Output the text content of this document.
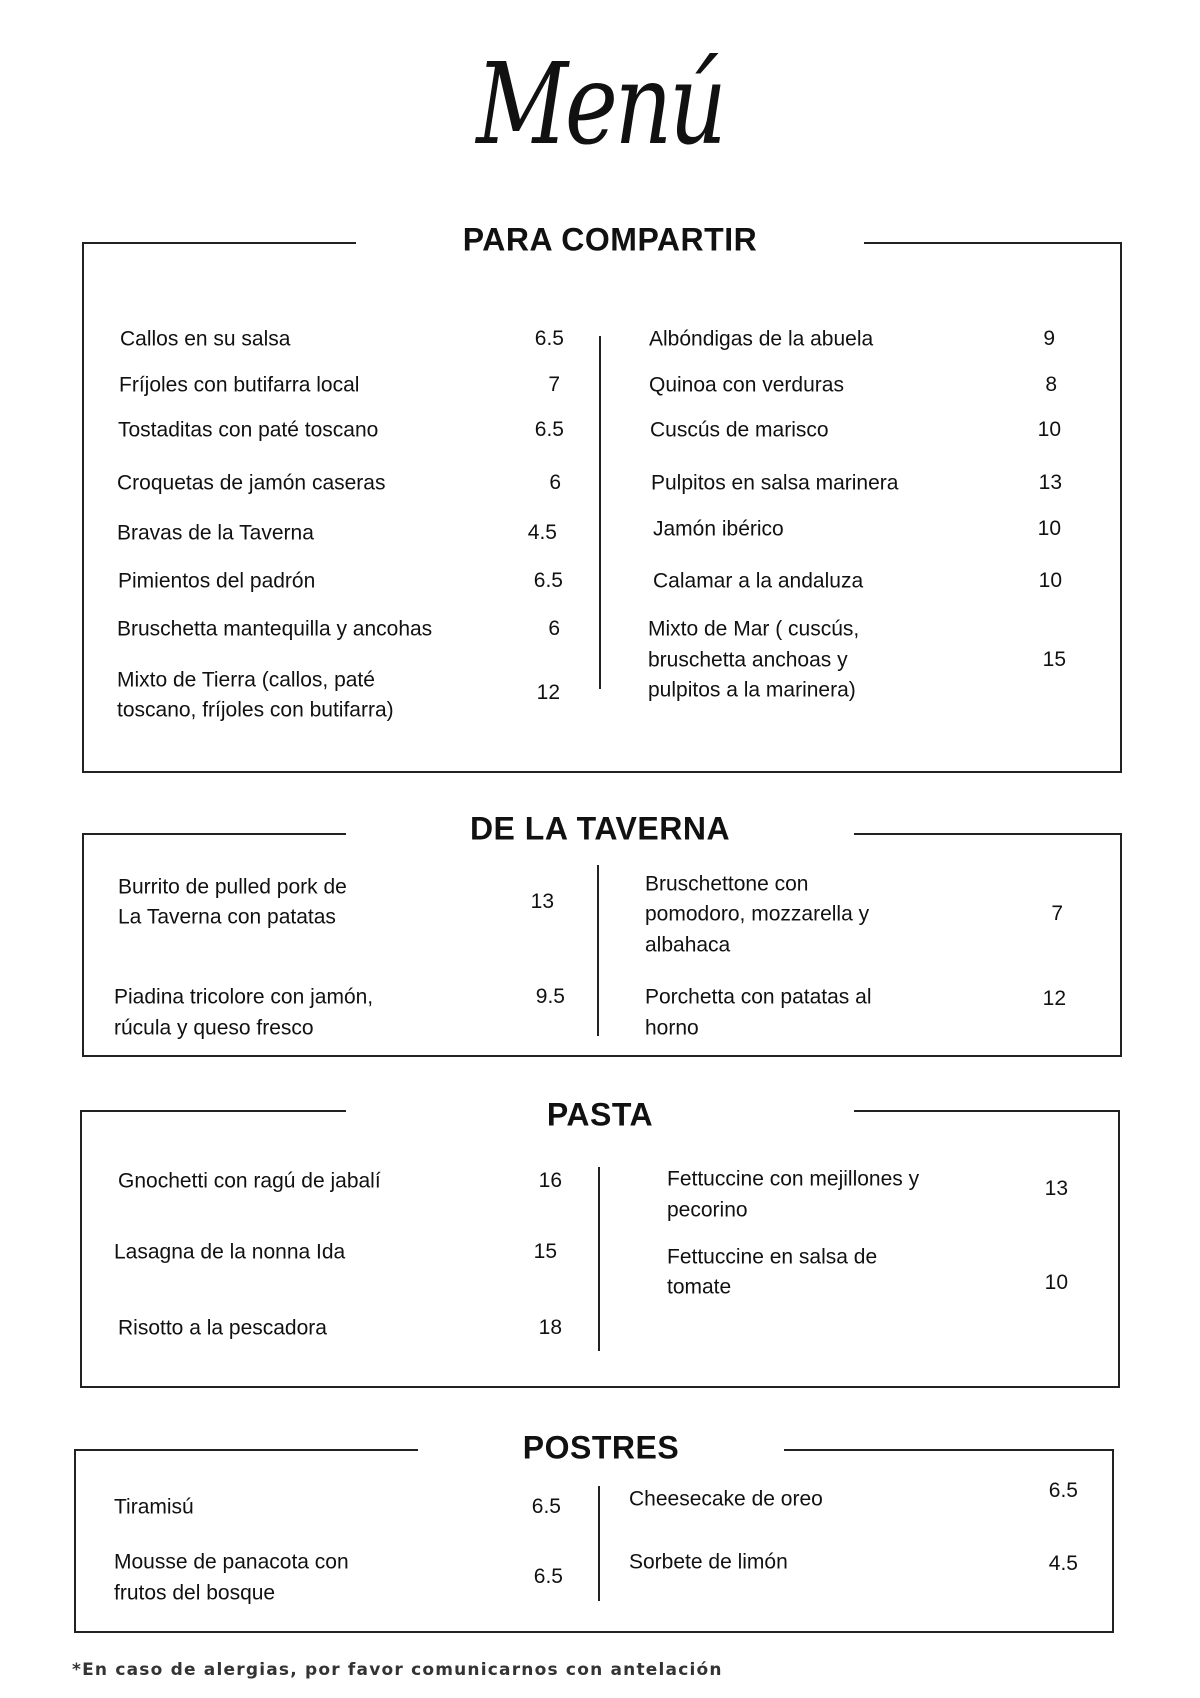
Menú
PARA COMPARTIR
DE LA TAVERNA
PASTA
POSTRES
Callos en su salsa	6.5
Fríjoles con butifarra local	7
Tostaditas con paté toscano	6.5
Croquetas de jamón caseras	6
Bravas de la Taverna	4.5
Pimientos del padrón	6.5
Bruschetta mantequilla y ancohas	6
Mixto de Tierra (callos, paté
toscano, fríjoles con butifarra)
12
Albóndigas de la abuela	9
Quinoa con verduras	8
Cuscús de marisco	10
Pulpitos en salsa marinera	13
Jamón ibérico	10
Calamar a la andaluza	10
Mixto de Mar ( cuscús,
bruschetta anchoas y
pulpitos a la marinera)
15
Burrito de pulled pork de
La Taverna con patatas
13
Piadina tricolore con jamón,
rúcula y queso fresco
9.5
Bruschettone con
pomodoro, mozzarella y
albahaca
7
Porchetta con patatas al
horno
12
Gnochetti con ragú de jabalí	16
Lasagna de la nonna Ida	15
Risotto a la pescadora	18
Fettuccine con mejillones y
pecorino
13
Fettuccine en salsa de
tomate	10
Tiramisú	6.5
Mousse de panacota con
frutos del bosque
6.5
Cheesecake de oreo	6.5
Sorbete de limón	4.5
*En caso de alergias, por favor comunicarnos con antelación
